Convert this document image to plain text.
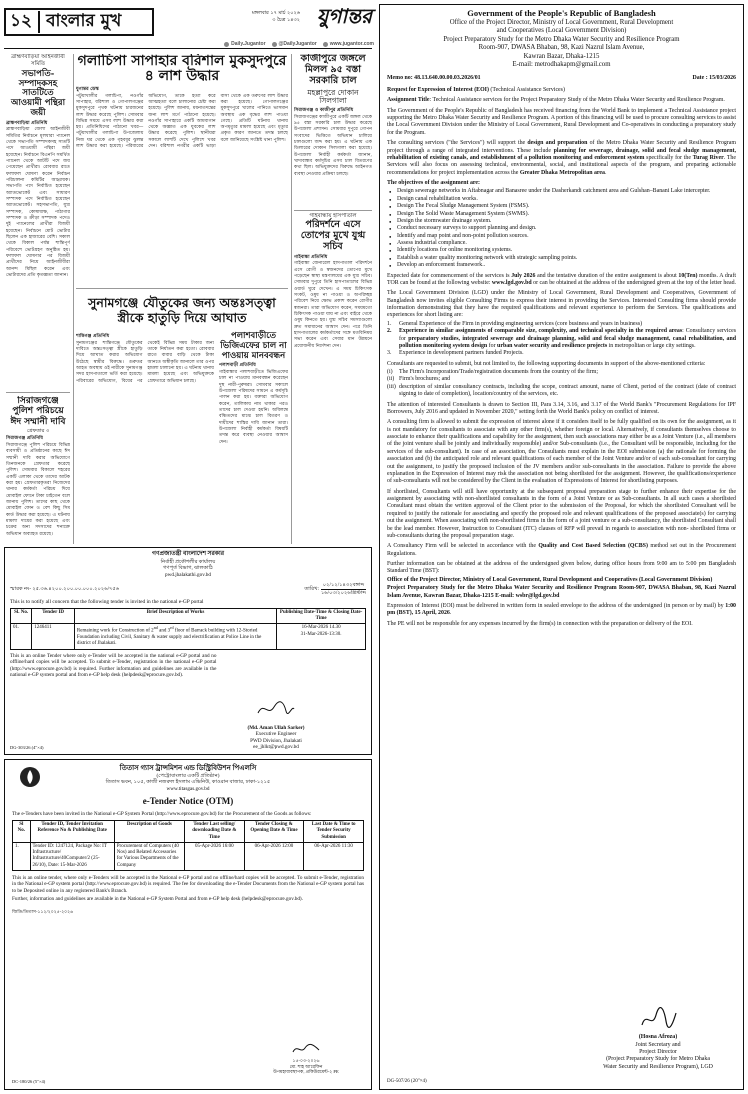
১২ বাংলার মুখ	মঙ্গলবার ১৭ মার্চ ২০২৬
৩ চৈত্র ১৪৩২ যুগান্তর
Daily.Jugantor	@DailyJugantor	www.jugantor.com
ব্রাহ্মণবাড়িয়া আইনজীবী সমিতি
সভাপতি-সম্পাদকসহ সাতটিতে আওয়ামী পন্থিরা জয়ী
ব্রাহ্মণবাড়িয়া প্রতিনিধি

ব্রাহ্মণবাড়িয়া জেলা আইনজীবী সমিতির নির্বাচনে মূলধারা প্যানেল থেকে সভাপতি সম্পাদকসহ সাতটি পদে আওয়ামী পন্থিরা জয়ী হয়েছেন। নির্বাচনে বিএনপি সমর্থিত প্যানেল থেকে আটটি পদে জয় পেয়েছেন প্রার্থীরা। রোববার রাতে ফলাফল ঘোষণা করেন নির্বাচন পরিচালনা কমিটির আহ্বায়ক। সভাপতি পদে নির্বাচিত হয়েছেন অ্যাডভোকেট এবং সাধারণ সম্পাদক পদে নির্বাচিত হয়েছেন অ্যাডভোকেট। সহসভাপতি, যুগ্ম সম্পাদক, কোষাধ্যক্ষ, পাঠাগার সম্পাদক ও ক্রীড়া সম্পাদক পদেও দুই প্যানেলের প্রার্থীরা বিজয়ী হয়েছেন। নির্বাচনে মোট ভোটার ছিলেন এক হাজারের বেশি। সকাল থেকে বিকাল পর্যন্ত শান্তিপূর্ণ পরিবেশে ভোটগ্রহণ অনুষ্ঠিত হয়। ফলাফল ঘোষণার পর বিজয়ী প্রার্থীদের নিয়ে আইনজীবীরা আনন্দ মিছিল করেন এবং ভোটারদের প্রতি কৃতজ্ঞতা জানান।

সিরাজগঞ্জে পুলিশ পরিচয়ে ঈদ সম্মানী দাবি
গ্রেফতার ৩
সিরাজগঞ্জ প্রতিনিধি

সিরাজগঞ্জে পুলিশ পরিচয়ে বিভিন্ন ব্যবসায়ী ও প্রতিষ্ঠানের কাছে ঈদ সম্মানী দাবি করার অভিযোগে তিনজনকে গ্রেফতার করেছে পুলিশ। সোমবার বিকালে শহরের একটি এলাকা থেকে তাদের আটক করা হয়। গ্রেফতারকৃতরা নিজেদের থানার কর্মকর্তা পরিচয় দিয়ে মোবাইল ফোনে টাকা চাইতেন বলে জানায় পুলিশ। তাদের কাছ থেকে মোবাইল ফোন ও বেশ কিছু সিম কার্ড উদ্ধার করা হয়েছে। এ ঘটনায় মামলা দায়ের করা হয়েছে এবং চক্রের অন্য সদস্যদের শনাক্তে অভিযান অব্যাহত রয়েছে।

গলাচিপা সাপাহার বরিশাল মুকসুদপুরে ৪ লাশ উদ্ধার
যুগান্তর ডেস্ক

পটুয়াখালীর গলাচিপা, নওগাঁর সাপাহার, বরিশাল ও গোপালগঞ্জের মুকসুদপুরে পৃথক ঘটনায় চারজনের লাশ উদ্ধার করেছে পুলিশ। সোমবার বিভিন্ন সময়ে এসব লাশ উদ্ধার করা হয়। প্রতিনিধিদের পাঠানো খবর—পটুয়াখালীর গলাচিপা উপজেলায় নিজ ঘর থেকে এক গৃহবধূর ঝুলন্ত লাশ উদ্ধার করা হয়েছে। পরিবারের অভিযোগ, তাকে হত্যা করে আত্মহত্যা বলে চালানোর চেষ্টা করা হয়েছে। পুলিশ জানায়, ময়নাতদন্তের জন্য লাশ মর্গে পাঠানো হয়েছে। নওগাঁর সাপাহারে একটি আমবাগান থেকে অজ্ঞাত এক যুবকের লাশ উদ্ধার করেছে পুলিশ। স্থানীয়রা সকালে লাশটি দেখে পুলিশে খবর দেন। বরিশাল নগরীর একটি ভাড়া বাসা থেকে এক তরুণের লাশ উদ্ধার করা হয়েছে। গোপালগঞ্জের মুকসুদপুরে খালের পানিতে ভাসমান অবস্থায় এক বৃদ্ধের লাশ পাওয়া গেছে। প্রতিটি ঘটনায় থানায় অপমৃত্যুর মামলা হয়েছে এবং মৃত্যুর প্রকৃত কারণ জানতে তদন্ত চলছে বলে জানিয়েছে সংশ্লিষ্ট থানা পুলিশ।

সুনামগঞ্জে যৌতুকের জন্য অন্তঃসত্ত্বা স্ত্রীকে হাতুড়ি দিয়ে আঘাত
শান্তিগঞ্জ প্রতিনিধি

সুনামগঞ্জের শান্তিগঞ্জে যৌতুকের দাবিতে অন্তঃসত্ত্বা স্ত্রীকে হাতুড়ি দিয়ে আঘাত করার অভিযোগ উঠেছে স্বামীর বিরুদ্ধে। গুরুতর আহত অবস্থায় ওই নারীকে সুনামগঞ্জ সদর হাসপাতালে ভর্তি করা হয়েছে। পরিবারের অভিযোগ, বিয়ের পর থেকেই বিভিন্ন সময় টাকার জন্য তাকে নির্যাতন করা হতো। রোববার রাতে বাবার বাড়ি থেকে টাকা আনতে অস্বীকৃতি জানালে তার ওপর হামলা চালানো হয়। এ ঘটনায় থানায় মামলা হয়েছে এবং অভিযুক্তকে গ্রেফতারে অভিযান চলছে।

পলাশবাড়ীতে ভিজিএফের চাল না পাওয়ায় মানববন্ধন
পলাশবাড়ী প্রতিনিধি

গাইবান্ধার পলাশবাড়ীতে ভিজিএফের চাল না পাওয়ায় মানববন্ধন করেছেন দুস্থ নারী-পুরুষরা। সোমবার সকালে উপজেলা পরিষদের সামনে এ কর্মসূচি পালন করা হয়। বক্তারা অভিযোগ করেন, তালিকায় নাম থাকার পরও তাদের চাল দেওয়া হয়নি। অবিলম্বে বঞ্চিতদের মাঝে চাল বিতরণ ও দায়ীদের শাস্তির দাবি জানান তারা। উপজেলা নির্বাহী কর্মকর্তা বিষয়টি তদন্ত করে ব্যবস্থা নেওয়ার আশ্বাস দেন।

কাজীপুরে জঙ্গলে মিলল ৯৫ বস্তা সরকারি চাল
মহল্লাপুরে দোকান সিলগালা
সিরাজগঞ্জ ও কাজীপুর প্রতিনিধি

সিরাজগঞ্জের কাজীপুরে একটি জঙ্গল থেকে ৯৫ বস্তা সরকারি চাল উদ্ধার করেছে উপজেলা প্রশাসন। সোমবার দুপুরে গোপন সংবাদের ভিত্তিতে অভিযান চালিয়ে চালগুলো জব্দ করা হয়। এ ঘটনায় এক ডিলারের দোকান সিলগালা করা হয়েছে। উপজেলা নির্বাহী কর্মকর্তা জানান, খাদ্যবান্ধব কর্মসূচির এসব চাল বিতরণের কথা ছিল। অভিযুক্তদের বিরুদ্ধে আইনগত ব্যবস্থা নেওয়ার প্রক্রিয়া চলছে।

গাইবান্ধায় হাসপাতাল
পরিদর্শনে এসে তোপের মুখে যুগ্ম সচিব
গাইবান্ধা প্রতিনিধি

গাইবান্ধা জেনারেল হাসপাতাল পরিদর্শনে এসে রোগী ও স্বজনদের তোপের মুখে পড়েছেন স্বাস্থ্য মন্ত্রণালয়ের এক যুগ্ম সচিব। সোমবার দুপুরে তিনি হাসপাতালের বিভিন্ন ওয়ার্ড ঘুরে দেখেন। এ সময় চিকিৎসক সংকট, ওষুধ না পাওয়া ও অপরিচ্ছন্ন পরিবেশ নিয়ে ক্ষোভ প্রকাশ করেন রোগীর স্বজনরা। তারা অভিযোগ করেন, সময়মতো চিকিৎসক পাওয়া যায় না এবং বাইরে থেকে ওষুধ কিনতে হয়। যুগ্ম সচিব সমস্যাগুলো দ্রুত সমাধানের আশ্বাস দেন। পরে তিনি হাসপাতালের কর্মকর্তাদের সঙ্গে মতবিনিময় সভা করেন এবং সেবার মান উন্নয়নে প্রয়োজনীয় নির্দেশনা দেন।

গণপ্রজাতন্ত্রী বাংলাদেশ সরকার
নির্বাহী প্রকৌশলীর কার্যালয়
গণপূর্ত বিভাগ, ঝালকাঠি
pwd.jhalakathi.gov.bd
স্মারক নং- ২৫.৩৬.৪২০০.২০০.০০.০০০.২০২৬/৭৫৬	তারিখ:
০২/১২/১৪৩২বঙ্গাব্দ
১৬/০৩/২০২৬খ্রিস্টাব্দ
This is to notify all concern that the following tender is invited in the national e-GP portal
Sl. No.	Tender ID	Brief Description of Works	Publishing Date-Time & Closing Date-Time
01.	1246411	Remaining work for Construction of 2nd and 3rd floor of Barrack building with 12-Storied Foundation including Civil, Sanitary & water supply and electrification at Police Line in the district of Jhalakati.	16-Mar-2026 14.30
31-Mar-2026-13:30.
This is an online Tender where only e-Tender will be accepted in the national e-GP portal and no offline/hard copies will be accepted. To submit e-Tender, registration in the national e-GP portal (http://www.eprocure.gov.bd) is required. Further information and guidelines are available in the national e-GP system portal and from e-GP help desk (helpdesk@eprocure.gov.bd).
(Md. Aman Ullah Sarker)
Executive Engineer
PWD Division, Jhalakati
ee_jhlkt@pwd.gov.bd
DG-303/26 (4"×4)
তিতাস গ্যাস ট্রান্সমিশন এন্ড ডিস্ট্রিবিউশন পিএলসি
(পেট্রোবাংলার একটি প্রতিষ্ঠান)
তিতাস ভবন, ১০৫, কাজী নজরুল ইসলাম এভিনিউ, কাওরান বাজার, ঢাকা-১২১৫
www.titasgas.gov.bd
e-Tender Notice (OTM)
The e-Tenders have been invited in the National e-GP System Portal (http://www.eprocure.gov.bd) for the Procurement of the Goods as follows:
Sl No.	Tender ID, Tender Invitation Reference No & Publishing Date	Description of Goods	Tender Last selling/ downloading Date & Time	Tender Closing & Opening Date & Time	Last Date & Time to Tender Security Submission
1.	Tender ID: 1247124, Package No: IT Infrastructure/ Infrastructure/40Computer/2 (25-26/10), Date: 15-Mar-2026	Procurement of Computers (40 Nos) and Related Accessories for Various Departments of the Company	05-Apr-2026 16:00	06-Apr-2026 12:00	06-Apr-2026 11:30

This is an online tender, where only e-Tenders will be accepted in the National e-GP portal and no offline/hard copies will be accepted. To submit e-Tender, registration in the National e-GP system portal (http://www.eprocure.gov.bd) is required. The fee for downloading the e-Tender Documents from the National e-GP system portal has to be Deposited online in any registered Bank's Branch.

Further, information and guidelines are available in the National e-GP System Portal and from e-GP help desk (helpdesk@eprocure.gov.bd).

জিডি/তিতাস-১১২/২০২৫-২০২৬
১৫-০৩-২০২৬
মো. শাহ আরেফিন
উপমহাব্যবস্থাপক, প্রকিউরমেন্ট-২ PE
DC-180/26 (5"×4)
Government of the People's Republic of Bangladesh
Office of the Project Director, Ministry of Local Government, Rural Development
and Cooperatives (Local Government Division)
Project Preparatory Study for the Metro Dhaka Water Security and Resilience Program
Room-907, DWASA Bhaban, 98, Kazi Nazrul Islam Avenue,
Kawran Bazar, Dhaka-1215
E-mail: metrodhakapm@gmail.com
Memo no: 48.13.640.00.00.03.2026/01	Date : 15/03/2026

Request for Expression of Interest (EOI) (Technical Assistance Services)

Assignment Title: Technical Assistance services for the Project Preparatory Study of the Metro Dhaka Water Security and Resilience Program.

The Government of the People's Republic of Bangladesh has received financing from the World Bank to implement a Technical Assistance project supporting the Metro Dhaka Water Security and Resilience Program. A portion of this financing will be used to procure consulting services to assist the Local Government Division under the Ministry of Local Government, Rural Development and Co-operatives in conducting a preparatory study for the Program.

The consulting services ("the Services") will support the design and preparation of the Metro Dhaka Water Security and Resilience Program project through a range of integrated interventions. These include planning for sewerage, drainage, solid and fecal sludge management, rehabilitation of existing canals, and establishment of a pollution monitoring and enforcement system specifically for the Turag River. The Services will also focus on assessing technical, environmental, social, and institutional aspects of the program, and preparing actionable recommendations for project implementation across the Greater Dhaka Metropolitan area.

The objectives of the assignment are:

● Design sewerage networks in Aftabnagar and Banasree under the Dasherkandi catchment area and Gulshan–Banani Lake intercepter.
● Design canal rehabilitation works.
● Design The Fecal Sludge Management System (FSMS).
● Design The Solid Waste Management System (SWMS).
● Design the stormwater drainage system.
● Conduct necessary surveys to support planning and design.
● Identify and map point and non-point pollution sources.
● Assess industrial compliance.
● Identify locations for online monitoring systems.
● Establish a water quality monitoring network with strategic sampling points.
● Develop an enforcement framework..

Expected date for commencement of the services is July 2026 and the tentative duration of the entire assignment is about 10(Ten) months. A draft TOR can be found at the following website: www.lgd.gov.bd or can be obtained at the address of the undersigned given at the top of the letter head.

The Local Government Division (LGD) under the Ministry of Local Government, Rural Development and Cooperatives, Government of Bangladesh now invites eligible Consulting Firms to express their interest in providing the Services. Interested Consulting firms should provide information demonstrating that they have the required qualifications and relevant experience to perform the Services. The qualifications and experiences for short listing are:

1. General Experience of the Firm in providing engineering services (core business and years in business)
2. Experience in similar assignments of comparable size, complexity, and technical specialty in the required areas: Consultancy services for preparatory studies, integrated sewerage and drainage planning, solid and fecal sludge management, canal rehabilitation, and pollution monitoring system design for urban water security and resilience projects in metropolitan or large city settings.
3. Experience in development partners funded Projects.

Consultants are requested to submit, but not limited to, the following supporting documents in support of the above-mentioned criteria:

(i) The Firm's Incorporation/Trade/registration documents from the country of the firm;
(ii) Firm's brochures; and
(iii) description of similar consultancy contracts, including the scope, contract amount, name of Client, period of the contract (date of contract signing to date of completion), location/country of the services, etc.

The attention of interested Consultants is drawn to Section III, Para 3.14, 3.16, and 3.17 of the World Bank's "Procurement Regulations for IPF Borrowers, July 2016 and updated in November 2020," setting forth the World Bank's policy on conflict of interest.

A consulting firm is allowed to submit the expression of interest alone if it considers itself to be fully qualified on its own for the assignment, as it is not mandatory for consultants to associate with any other firm(s), whether foreign or local. Alternatively, if consultants themselves choose to associate to enhance their qualifications and capability for the assignment, then such associations may either be as a Joint Venture (i.e., all members of the joint venture shall be jointly and individually responsible) and/or Sub-consultants (i.e., the Consultant will be responsible, including for the services of the sub-consultant). In case of an association, the Consultants must explain in the EOI submission (a) the rationale for forming the association and (b) the anticipated role and relevant qualifications of each member of the Joint Venture and/or of each sub-consultant for carrying out the assignment, to justify the proposed inclusion of the JV members and/or sub-consultants in the association. Failure to provide the above explanation in the Expression of Interest may risk the association not being shortlisted for the assignment. However, the qualifications/experience of sub-consultants will not be considered by the Client in the evaluation of Expressions of Interest for shortlisting purposes.

If shortlisted, Consultants will still have opportunity at the subsequent proposal preparation stage to further enhance their expertise for the assignment by associating with non-shortlisted consultants in the form of a Joint Venture or as Sub-consultants. In all such cases a shortlisted Consultant must obtain the written approval of the Client prior to the submission of the Proposal, for which the shortlisted Consultant will be required to justify the rationale for associating and specify the proposed role and relevant qualifications of the proposed associate(s) for carrying out the assignment. When associating with non-shortlisted firms in the form of a joint venture or a sub-consultancy, the shortlisted Consultant shall be the lead member. However, Instruction to Consultant (ITC) clauses of RFP will prevail in regards to association with non- shortlisted firms or sub-consultants during the proposal preparation stage.

A Consultancy Firm will be selected in accordance with the Quality and Cost Based Selection (QCBS) method set out in the Procurement Regulations.

Further information can be obtained at the address of the undersigned given below, during office hours from 9:00 am to 5:00 pm Bangladesh Standard Time (BST):

Office of the Project Director, Ministry of Local Government, Rural Development and Cooperatives (Local Government Division)

Project Preparatory Study for the Metro Dhaka Water Security and Resilience Program Room-907, DWASA Bhaban, 98, Kazi Nazrul Islam Avenue, Kawran Bazar, Dhaka-1215 E-mail: wsbr@lgd.gov.bd

Expression of Interest (EOI) must be delivered in written form in sealed envelope to the address of the undersigned (in person or by mail) by 1:00 pm (BST), 15 April, 2026.

The PE will not be responsible for any expenses incurred by the firm(s) in connection with the preparation or delivery of the EOI.

(Hosna Afroza)
Joint Secretary and
Project Director
(Project Preparatory Study for Metro Dhaka
Water Security and Resilience Program), LGD
DG-507/26 (20"×4)
